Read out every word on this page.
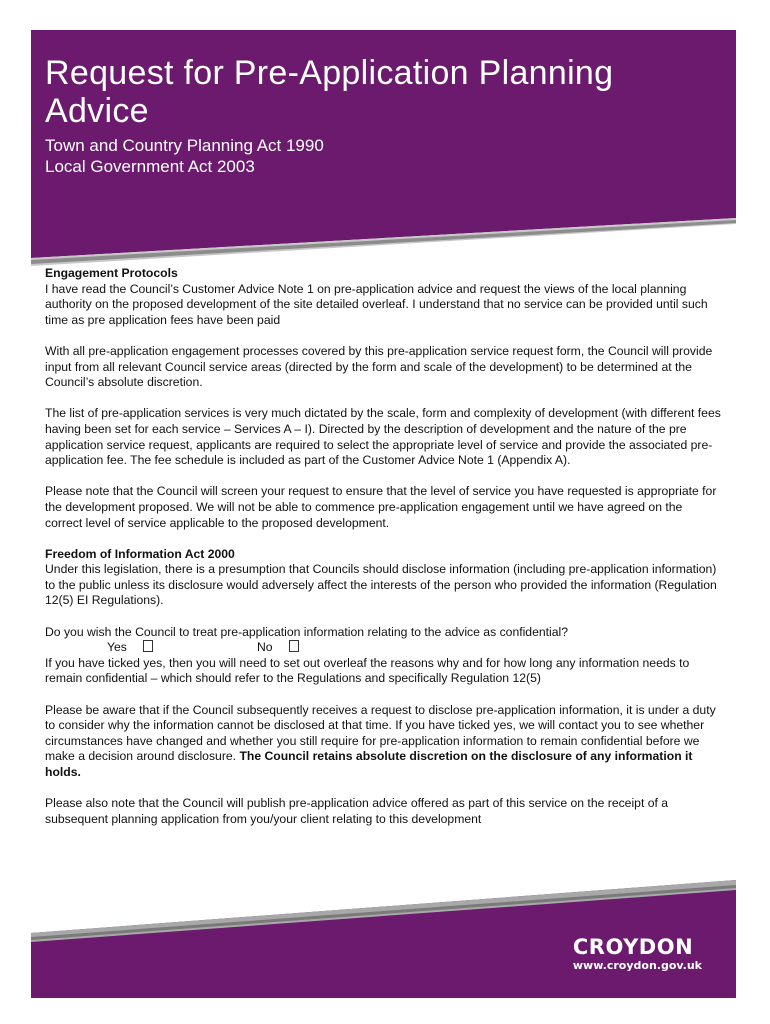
Request for Pre-Application Planning Advice
Town and Country Planning Act 1990
Local Government Act 2003

Engagement Protocols
I have read the Council’s Customer Advice Note 1 on pre-application advice and request the views of the local planning authority on the proposed development of the site detailed overleaf. I understand that no service can be provided until such time as pre application fees have been paid

With all pre-application engagement processes covered by this pre-application service request form, the Council will provide input from all relevant Council service areas (directed by the form and scale of the development) to be determined at the Council’s absolute discretion.

The list of pre-application services is very much dictated by the scale, form and complexity of development (with different fees having been set for each service – Services A – I). Directed by the description of development and the nature of the pre application service request, applicants are required to select the appropriate level of service and provide the associated pre-application fee. The fee schedule is included as part of the Customer Advice Note 1 (Appendix A).

Please note that the Council will screen your request to ensure that the level of service you have requested is appropriate for the development proposed. We will not be able to commence pre-application engagement until we have agreed on the correct level of service applicable to the proposed development.

Freedom of Information Act 2000
Under this legislation, there is a presumption that Councils should disclose information (including pre-application information) to the public unless its disclosure would adversely affect the interests of the person who provided the information (Regulation 12(5) EI Regulations).

Do you wish the Council to treat pre-application information relating to the advice as confidential?
Yes	No
If you have ticked yes, then you will need to set out overleaf the reasons why and for how long any information needs to remain confidential – which should refer to the Regulations and specifically Regulation 12(5)

Please be aware that if the Council subsequently receives a request to disclose pre-application information, it is under a duty to consider why the information cannot be disclosed at that time. If you have ticked yes, we will contact you to see whether circumstances have changed and whether you still require for pre-application information to remain confidential before we make a decision around disclosure. The Council retains absolute discretion on the disclosure of any information it holds.

Please also note that the Council will publish pre-application advice offered as part of this service on the receipt of a subsequent planning application from you/your client relating to this development

CROYDON
www.croydon.gov.uk
